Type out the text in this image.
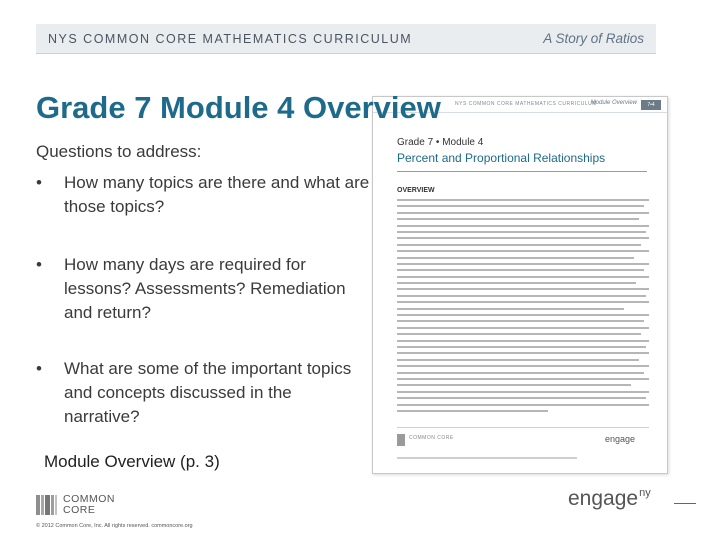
NYS COMMON CORE MATHEMATICS CURRICULUM	A Story of Ratios
Grade 7 Module 4 Overview
Questions to address:
•	How many topics are there and what are those topics?
•	How many days are required for lessons? Assessments? Remediation and return?
•	What are some of the important topics and concepts discussed in the narrative?
Module Overview (p. 3)
NYS COMMON CORE MATHEMATICS CURRICULUM
Module Overview	7•4
Grade 7 • Module 4
Percent and Proportional Relationships
OVERVIEW
COMMON CORE	engage
COMMON
CORE
© 2012 Common Core, Inc. All rights reserved. commoncore.org
engage$^{ny}$
